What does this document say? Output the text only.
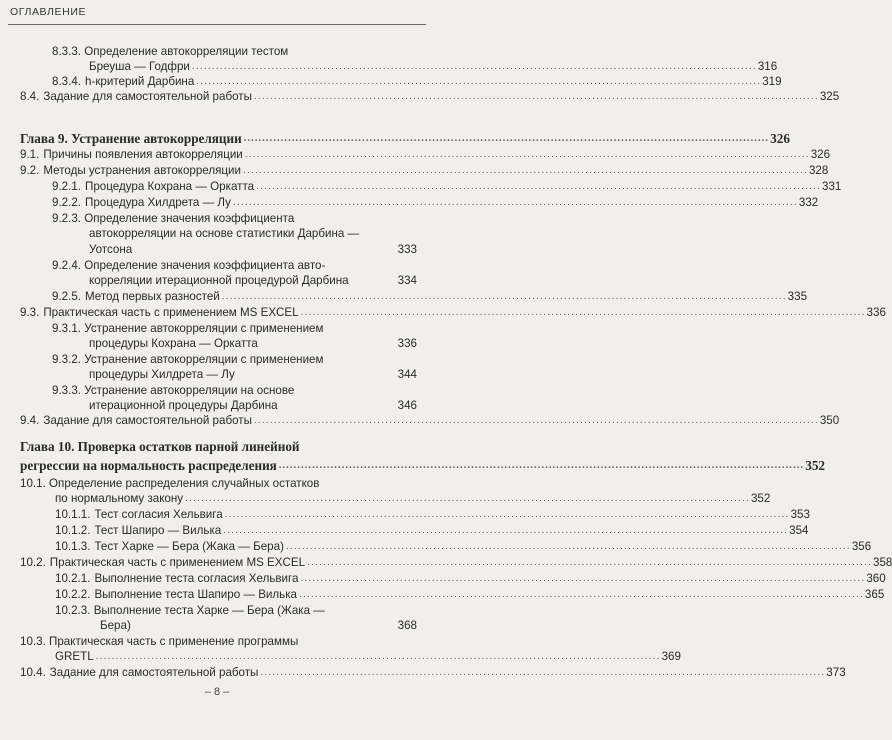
ОГЛАВЛЕНИЕ
8.3.3. Определение автокорреляции тестом
Бреуша — Годфри .............................................................................................................................................. 316
8.3.4. h-критерий Дарбина .............................................................................................................................................. 319
8.4. Задание для самостоятельной работы .............................................................................................................................................. 325
Глава 9. Устранение автокорреляции .............................................................................................................................................. 326
9.1. Причины появления автокорреляции .............................................................................................................................................. 326
9.2. Методы устранения автокорреляции .............................................................................................................................................. 328
9.2.1. Процедура Кохрана — Оркатта .............................................................................................................................................. 331
9.2.2. Процедура Хилдрета — Лу .............................................................................................................................................. 332
9.2.3. Определение значения коэффициента
автокорреляции на основе статистики Дарбина —
Уотсона	333
9.2.4. Определение значения коэффициента авто-
корреляции итерационной процедурой Дарбина	334
9.2.5. Метод первых разностей .............................................................................................................................................. 335
9.3. Практическая часть с применением MS EXCEL .............................................................................................................................................. 336
9.3.1. Устранение автокорреляции с применением
процедуры Кохрана — Оркатта	336
9.3.2. Устранение автокорреляции с применением
процедуры Хилдрета — Лу	344
9.3.3. Устранение автокорреляции на основе
итерационной процедуры Дарбина	346
9.4. Задание для самостоятельной работы .............................................................................................................................................. 350
Глава 10. Проверка остатков парной линейной
регрессии на нормальность распределения .............................................................................................................................................. 352
10.1. Определение распределения случайных остатков
по нормальному закону .............................................................................................................................................. 352
10.1.1. Тест согласия Хельвига .............................................................................................................................................. 353
10.1.2. Тест Шапиро — Вилька .............................................................................................................................................. 354
10.1.3. Тест Харке — Бера (Жака — Бера) .............................................................................................................................................. 356
10.2. Практическая часть с применением MS EXCEL .............................................................................................................................................. 358
10.2.1. Выполнение теста согласия Хельвига .............................................................................................................................................. 360
10.2.2. Выполнение теста Шапиро — Вилька .............................................................................................................................................. 365
10.2.3. Выполнение теста Харке — Бера (Жака —
Бера)	368
10.3. Практическая часть с применение программы
GRETL .............................................................................................................................................. 369
10.4. Задание для самостоятельной работы .............................................................................................................................................. 373
– 8 –
